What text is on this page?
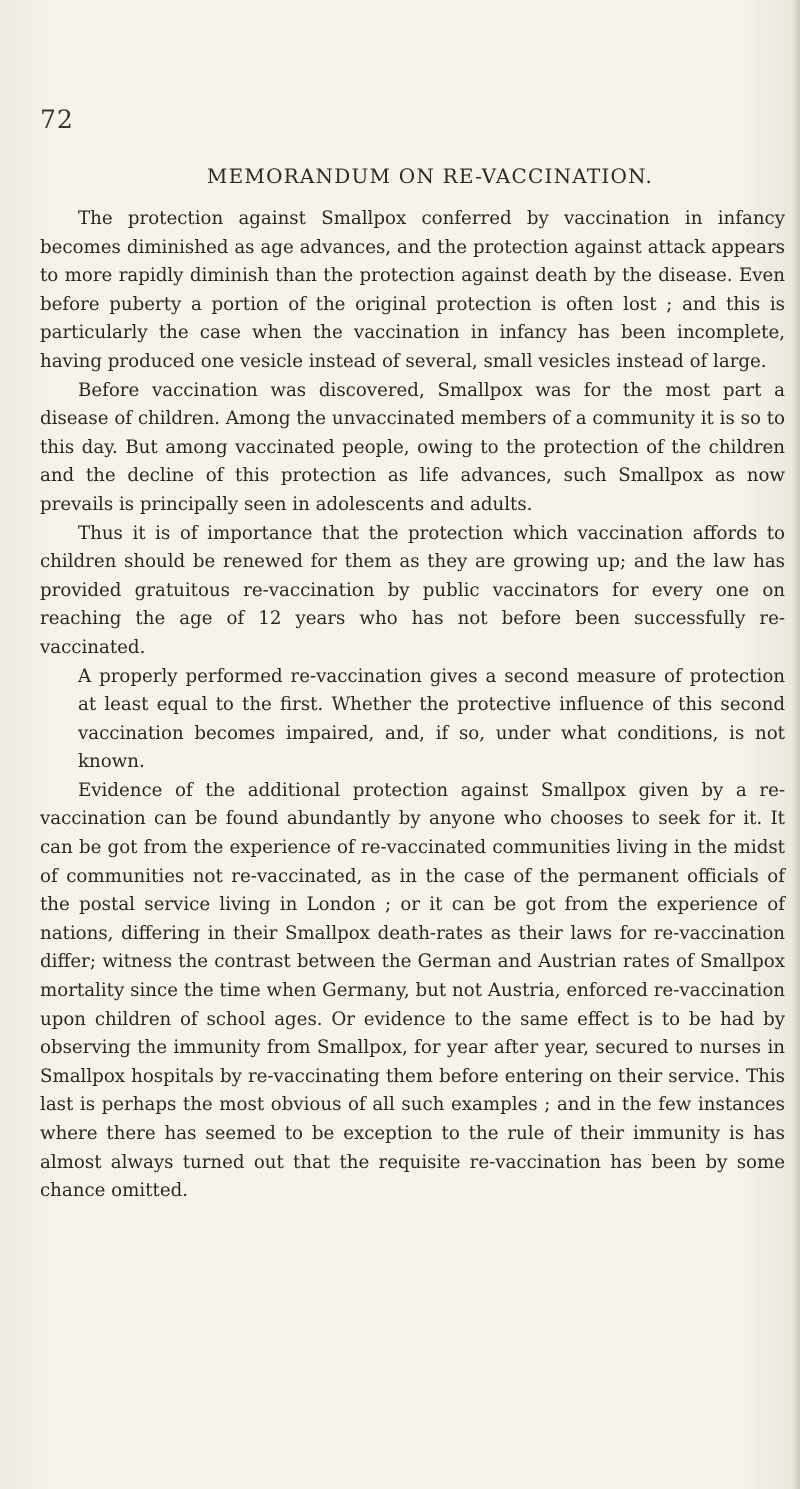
72
MEMORANDUM ON RE-VACCINATION.

The protection against Smallpox conferred by vaccination in infancy becomes diminished as age advances, and the protection against attack appears to more rapidly diminish than the protection against death by the disease. Even before puberty a portion of the original protection is often lost ; and this is particularly the case when the vaccination in infancy has been incomplete, having produced one vesicle instead of several, small vesicles instead of large.

Before vaccination was discovered, Smallpox was for the most part a disease of children. Among the unvaccinated members of a community it is so to this day. But among vaccinated people, owing to the protection of the children and the decline of this protection as life advances, such Smallpox as now prevails is principally seen in adolescents and adults.

Thus it is of importance that the protection which vaccination affords to children should be renewed for them as they are growing up; and the law has provided gratuitous re-vaccination by public vaccinators for every one on reaching the age of 12 years who has not before been successfully re-vaccinated.

A properly performed re-vaccination gives a second measure of protection at least equal to the first. Whether the protective influence of this second vaccination becomes impaired, and, if so, under what conditions, is not known.

Evidence of the additional protection against Smallpox given by a re-vaccination can be found abundantly by anyone who chooses to seek for it. It can be got from the experience of re-vaccinated communities living in the midst of communities not re-vaccinated, as in the case of the permanent officials of the postal service living in London ; or it can be got from the experience of nations, differing in their Smallpox death-rates as their laws for re-vaccination differ; witness the contrast between the German and Austrian rates of Smallpox mortality since the time when Germany, but not Austria, enforced re-vaccination upon children of school ages. Or evidence to the same effect is to be had by observing the immunity from Smallpox, for year after year, secured to nurses in Smallpox hospitals by re-vaccinating them before entering on their service. This last is perhaps the most obvious of all such examples ; and in the few instances where there has seemed to be exception to the rule of their immunity is has almost always turned out that the requisite re-vaccination has been by some chance omitted.
